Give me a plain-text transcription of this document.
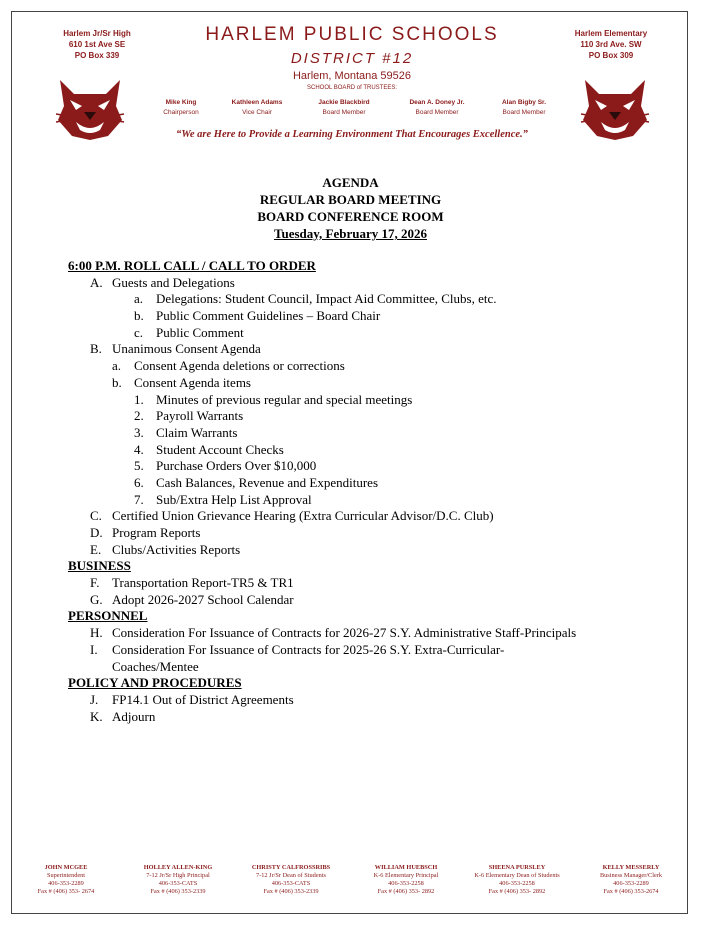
Harlem Jr/Sr High
610 1st Ave SE
PO Box 339
Harlem Elementary
110 3rd Ave. SW
PO Box 309
HARLEM PUBLIC SCHOOLS
DISTRICT #12
Harlem, Montana 59526
SCHOOL BOARD of TRUSTEES:
Mike King
Chairperson
Kathleen Adams
Vice Chair
Jackie Blackbird
Board Member
Dean A. Doney Jr.
Board Member
Alan Bigby Sr.
Board Member
“We are Here to Provide a Learning Environment That Encourages Excellence.”
AGENDA
REGULAR BOARD MEETING
BOARD CONFERENCE ROOM
Tuesday, February 17, 2026
6:00 P.M. ROLL CALL / CALL TO ORDER
A. Guests and Delegations
a. Delegations: Student Council, Impact Aid Committee, Clubs, etc.
b. Public Comment Guidelines – Board Chair
c. Public Comment
B. Unanimous Consent Agenda
a. Consent Agenda deletions or corrections
b. Consent Agenda items
1. Minutes of previous regular and special meetings
2. Payroll Warrants
3. Claim Warrants
4. Student Account Checks
5. Purchase Orders Over $10,000
6. Cash Balances, Revenue and Expenditures
7. Sub/Extra Help List Approval
C. Certified Union Grievance Hearing (Extra Curricular Advisor/D.C. Club)
D. Program Reports
E. Clubs/Activities Reports
BUSINESS
F. Transportation Report-TR5 & TR1
G. Adopt 2026-2027 School Calendar
PERSONNEL
H. Consideration For Issuance of Contracts for 2026-27 S.Y. Administrative Staff-Principals
I. Consideration For Issuance of Contracts for 2025-26 S.Y. Extra-Curricular-
Coaches/Mentee
POLICY AND PROCEDURES
J. FP14.1 Out of District Agreements
K. Adjourn
JOHN MCGEE
Superintendent
406-353-2289
Fax # (406) 353- 2674
HOLLEY ALLEN-KING
7-12 Jr/Sr High Principal
406-353-CATS
Fax # (406) 353-2339
CHRISTY CALFROSSRIBS
7-12 Jr/Sr Dean of Students
406-353-CATS
Fax # (406) 353-2339
WILLIAM HUEBSCH
K-6 Elementary Principal
406-353-2258
Fax # (406) 353- 2892
SHEENA PURSLEY
K-6 Elementary Dean of Students
406-353-2258
Fax # (406) 353- 2892
KELLY MESSERLY
Business Manager/Clerk
406-353-2289
Fax # (406) 353-2674
